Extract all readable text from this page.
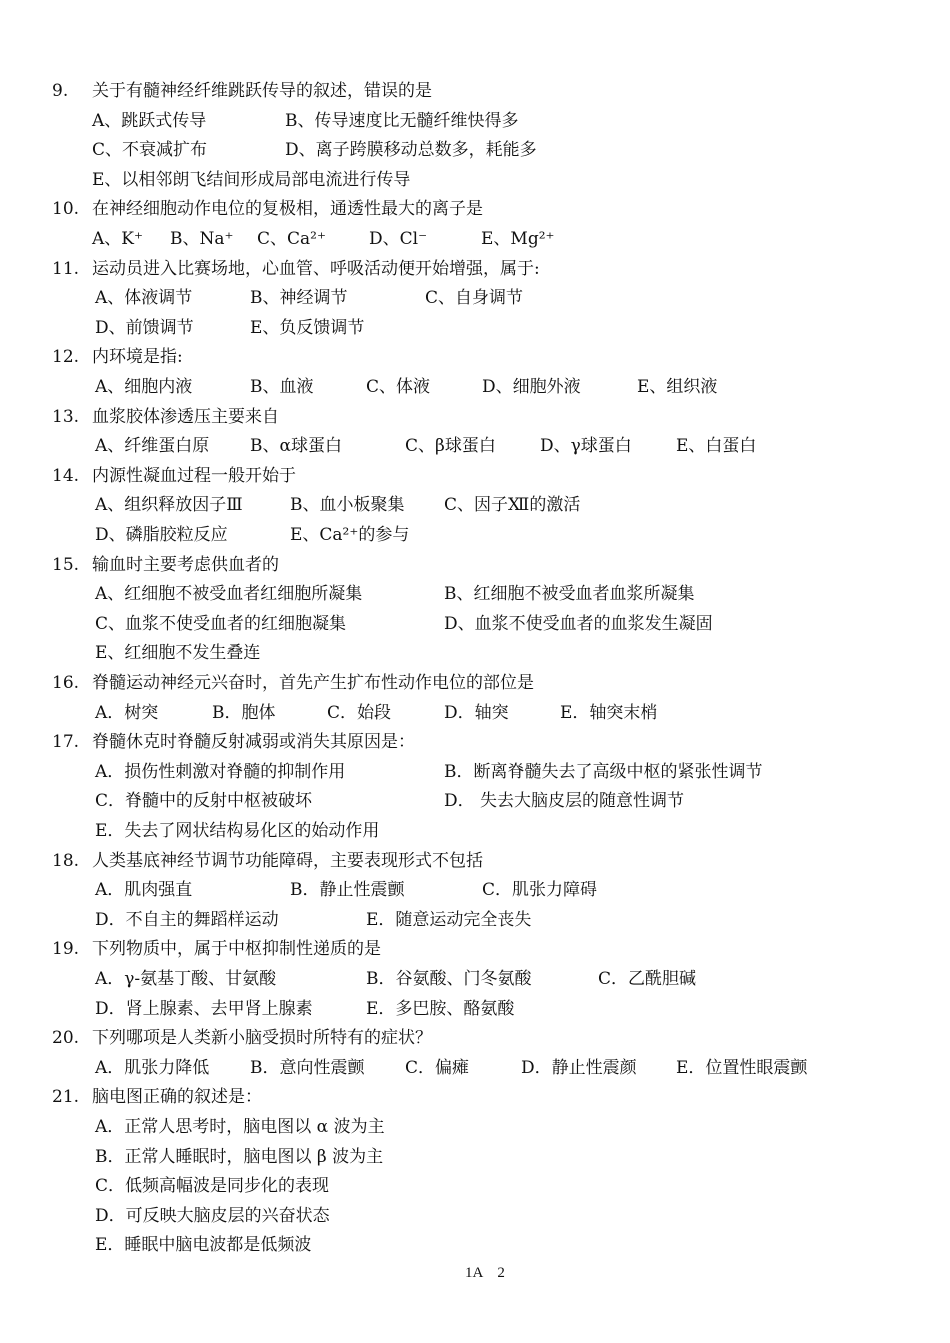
9. 关于有髓神经纤维跳跃传导的叙述，错误的是
A、跳跃式传导	B、传导速度比无髓纤维快得多
C、不衰减扩布	D、离子跨膜移动总数多，耗能多
E、以相邻朗飞结间形成局部电流进行传导
10. 在神经细胞动作电位的复极相，通透性最大的离子是
A、K⁺ B、Na⁺ C、Ca²⁺	D、Cl⁻	E、Mg²⁺
11. 运动员进入比赛场地，心血管、呼吸活动便开始增强，属于:
A、体液调节	B、神经调节	C、自身调节
D、前馈调节	E、负反馈调节
12. 内环境是指:
A、细胞内液	B、血液	C、体液	D、细胞外液	E、组织液
13. 血浆胶体渗透压主要来自
A、纤维蛋白原 B、α球蛋白	C、β球蛋白	D、γ球蛋白	E、白蛋白
14. 内源性凝血过程一般开始于
A、组织释放因子Ⅲ	B、血小板聚集 C、因子Ⅻ的激活
D、磷脂胶粒反应	E、Ca²⁺的参与
15. 输血时主要考虑供血者的
A、红细胞不被受血者红细胞所凝集	B、红细胞不被受血者血浆所凝集
C、血浆不使受血者的红细胞凝集	D、血浆不使受血者的血浆发生凝固
E、红细胞不发生叠连
16. 脊髓运动神经元兴奋时，首先产生扩布性动作电位的部位是
A．树突	B．胞体	C．始段	D．轴突	E．轴突末梢
17. 脊髓休克时脊髓反射减弱或消失其原因是：
A．损伤性刺激对脊髓的抑制作用	B．断离脊髓失去了高级中枢的紧张性调节
C．脊髓中的反射中枢被破坏	D． 失去大脑皮层的随意性调节
E．失去了网状结构易化区的始动作用
18. 人类基底神经节调节功能障碍，主要表现形式不包括
A．肌肉强直	B．静止性震颤	C．肌张力障碍
D．不自主的舞蹈样运动	E．随意运动完全丧失
19. 下列物质中，属于中枢抑制性递质的是
A．γ-氨基丁酸、甘氨酸	B．谷氨酸、门冬氨酸	C．乙酰胆碱
D．肾上腺素、去甲肾上腺素	E．多巴胺、酪氨酸
20. 下列哪项是人类新小脑受损时所特有的症状？
A．肌张力降低 B．意向性震颤 C．偏瘫	D．静止性震颜 E．位置性眼震颤
21. 脑电图正确的叙述是：
A．正常人思考时，脑电图以 α 波为主
B．正常人睡眠时，脑电图以 β 波为主
C．低频高幅波是同步化的表现
D．可反映大脑皮层的兴奋状态
E．睡眠中脑电波都是低频波
1A 2
